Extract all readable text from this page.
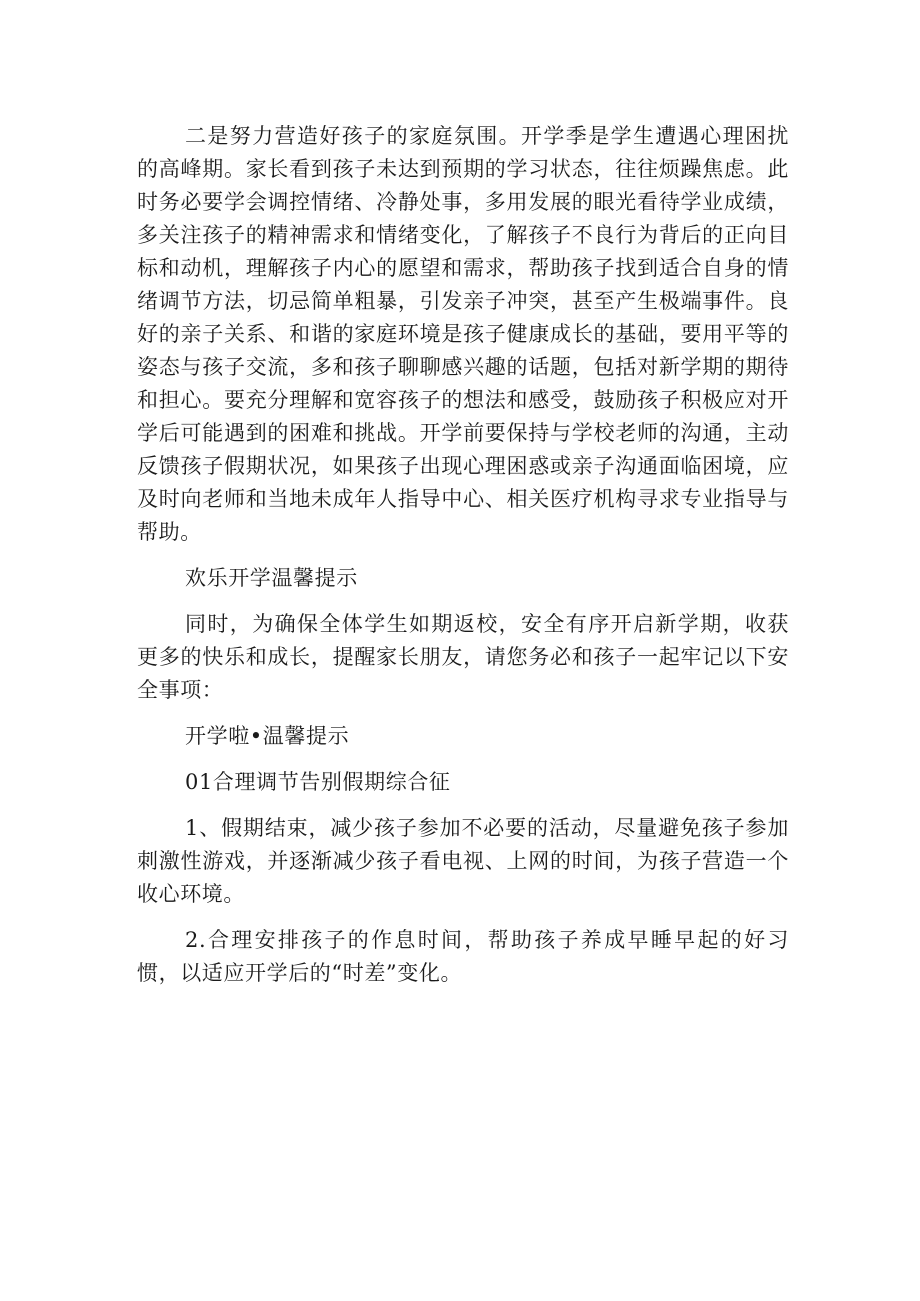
二是努力营造好孩子的家庭氛围。开学季是学生遭遇心理困扰的高峰期。家长看到孩子未达到预期的学习状态，往往烦躁焦虑。此时务必要学会调控情绪、冷静处事，多用发展的眼光看待学业成绩，多关注孩子的精神需求和情绪变化，了解孩子不良行为背后的正向目标和动机，理解孩子内心的愿望和需求，帮助孩子找到适合自身的情绪调节方法，切忌简单粗暴，引发亲子冲突，甚至产生极端事件。良好的亲子关系、和谐的家庭环境是孩子健康成长的基础，要用平等的姿态与孩子交流，多和孩子聊聊感兴趣的话题，包括对新学期的期待和担心。要充分理解和宽容孩子的想法和感受，鼓励孩子积极应对开学后可能遇到的困难和挑战。开学前要保持与学校老师的沟通，主动反馈孩子假期状况，如果孩子出现心理困惑或亲子沟通面临困境，应及时向老师和当地未成年人指导中心、相关医疗机构寻求专业指导与帮助。

欢乐开学温馨提示

同时，为确保全体学生如期返校，安全有序开启新学期，收获更多的快乐和成长，提醒家长朋友，请您务必和孩子一起牢记以下安全事项：

开学啦•温馨提示

01合理调节告别假期综合征

1、假期结束，减少孩子参加不必要的活动，尽量避免孩子参加刺激性游戏，并逐渐减少孩子看电视、上网的时间，为孩子营造一个收心环境。

2.合理安排孩子的作息时间，帮助孩子养成早睡早起的好习惯，以适应开学后的“时差”变化。
